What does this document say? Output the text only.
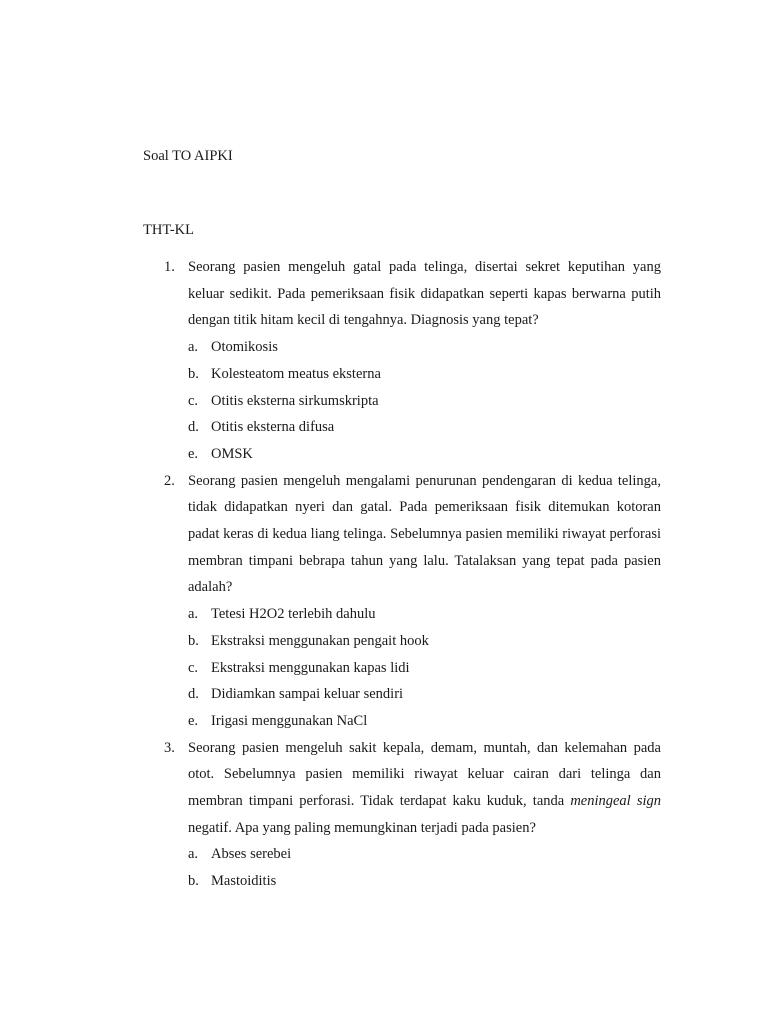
Soal TO AIPKI
THT-KL
1. Seorang pasien mengeluh gatal pada telinga, disertai sekret keputihan yang keluar sedikit. Pada pemeriksaan fisik didapatkan seperti kapas berwarna putih dengan titik hitam kecil di tengahnya. Diagnosis yang tepat?
a. Otomikosis
b. Kolesteatom meatus eksterna
c. Otitis eksterna sirkumskripta
d. Otitis eksterna difusa
e. OMSK
2. Seorang pasien mengeluh mengalami penurunan pendengaran di kedua telinga, tidak didapatkan nyeri dan gatal. Pada pemeriksaan fisik ditemukan kotoran padat keras di kedua liang telinga. Sebelumnya pasien memiliki riwayat perforasi membran timpani bebrapa tahun yang lalu. Tatalaksan yang tepat pada pasien adalah?
a. Tetesi H2O2 terlebih dahulu
b. Ekstraksi menggunakan pengait hook
c. Ekstraksi menggunakan kapas lidi
d. Didiamkan sampai keluar sendiri
e. Irigasi menggunakan NaCl
3. Seorang pasien mengeluh sakit kepala, demam, muntah, dan kelemahan pada otot. Sebelumnya pasien memiliki riwayat keluar cairan dari telinga dan membran timpani perforasi. Tidak terdapat kaku kuduk, tanda meningeal sign negatif. Apa yang paling memungkinan terjadi pada pasien?
a. Abses serebei
b. Mastoiditis
